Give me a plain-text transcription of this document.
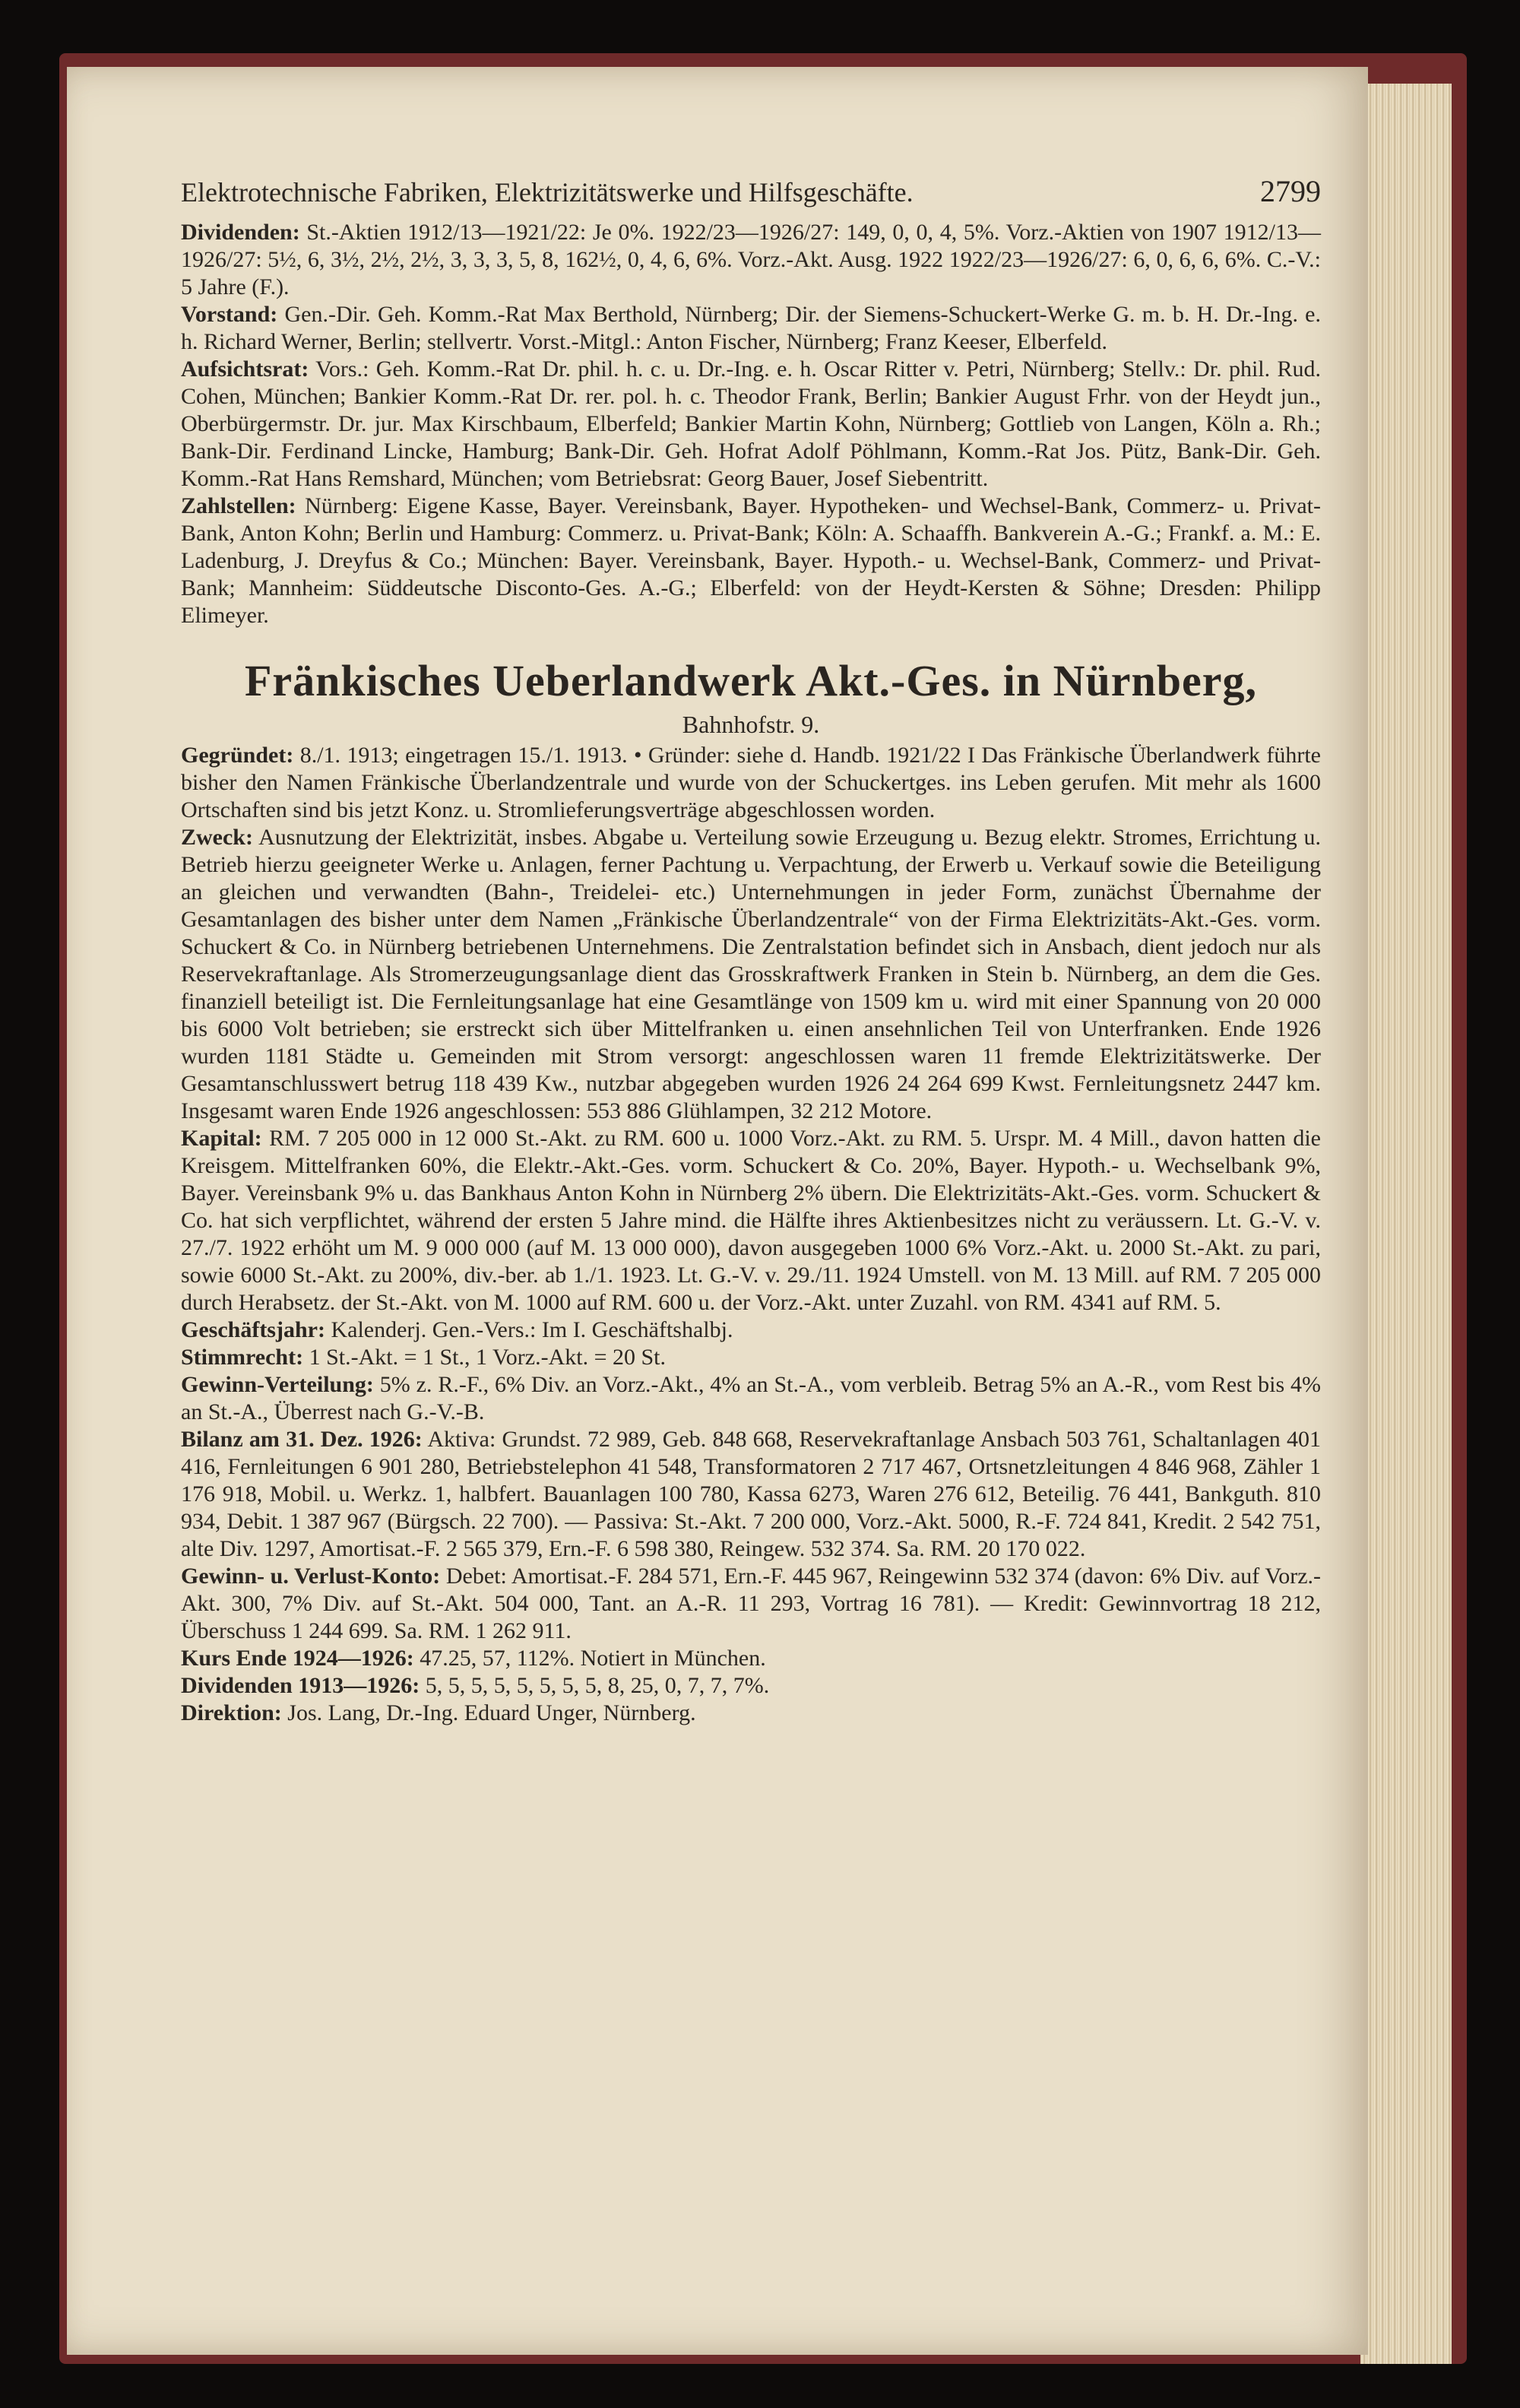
Elektrotechnische Fabriken, Elektrizitätswerke und Hilfsgeschäfte.	2799

Dividenden: St.-Aktien 1912/13—1921/22: Je 0%. 1922/23—1926/27: 149, 0, 0, 4, 5%. Vorz.-Aktien von 1907 1912/13—1926/27: 5½, 6, 3½, 2½, 2½, 3, 3, 3, 5, 8, 162½, 0, 4, 6, 6%. Vorz.-Akt. Ausg. 1922 1922/23—1926/27: 6, 0, 6, 6, 6%. C.-V.: 5 Jahre (F.).

Vorstand: Gen.-Dir. Geh. Komm.-Rat Max Berthold, Nürnberg; Dir. der Siemens-Schuckert-Werke G. m. b. H. Dr.-Ing. e. h. Richard Werner, Berlin; stellvertr. Vorst.-Mitgl.: Anton Fischer, Nürnberg; Franz Keeser, Elberfeld.

Aufsichtsrat: Vors.: Geh. Komm.-Rat Dr. phil. h. c. u. Dr.-Ing. e. h. Oscar Ritter v. Petri, Nürnberg; Stellv.: Dr. phil. Rud. Cohen, München; Bankier Komm.-Rat Dr. rer. pol. h. c. Theodor Frank, Berlin; Bankier August Frhr. von der Heydt jun., Oberbürgermstr. Dr. jur. Max Kirschbaum, Elberfeld; Bankier Martin Kohn, Nürnberg; Gottlieb von Langen, Köln a. Rh.; Bank-Dir. Ferdinand Lincke, Hamburg; Bank-Dir. Geh. Hofrat Adolf Pöhlmann, Komm.-Rat Jos. Pütz, Bank-Dir. Geh. Komm.-Rat Hans Remshard, München; vom Betriebsrat: Georg Bauer, Josef Siebentritt.

Zahlstellen: Nürnberg: Eigene Kasse, Bayer. Vereinsbank, Bayer. Hypotheken- und Wechsel-Bank, Commerz- u. Privat-Bank, Anton Kohn; Berlin und Hamburg: Commerz. u. Privat-Bank; Köln: A. Schaaffh. Bankverein A.-G.; Frankf. a. M.: E. Ladenburg, J. Dreyfus & Co.; München: Bayer. Vereinsbank, Bayer. Hypoth.- u. Wechsel-Bank, Commerz- und Privat-Bank; Mannheim: Süddeutsche Disconto-Ges. A.-G.; Elberfeld: von der Heydt-Kersten & Söhne; Dresden: Philipp Elimeyer.

Fränkisches Ueberlandwerk Akt.-Ges. in Nürnberg,
Bahnhofstr. 9.

Gegründet: 8./1. 1913; eingetragen 15./1. 1913. • Gründer: siehe d. Handb. 1921/22 I Das Fränkische Überlandwerk führte bisher den Namen Fränkische Überlandzentrale und wurde von der Schuckertges. ins Leben gerufen. Mit mehr als 1600 Ortschaften sind bis jetzt Konz. u. Stromlieferungsverträge abgeschlossen worden.

Zweck: Ausnutzung der Elektrizität, insbes. Abgabe u. Verteilung sowie Erzeugung u. Bezug elektr. Stromes, Errichtung u. Betrieb hierzu geeigneter Werke u. Anlagen, ferner Pachtung u. Verpachtung, der Erwerb u. Verkauf sowie die Beteiligung an gleichen und verwandten (Bahn-, Treidelei- etc.) Unternehmungen in jeder Form, zunächst Übernahme der Gesamtanlagen des bisher unter dem Namen „Fränkische Überlandzentrale“ von der Firma Elektrizitäts-Akt.-Ges. vorm. Schuckert & Co. in Nürnberg betriebenen Unternehmens. Die Zentralstation befindet sich in Ansbach, dient jedoch nur als Reservekraftanlage. Als Stromerzeugungsanlage dient das Grosskraftwerk Franken in Stein b. Nürnberg, an dem die Ges. finanziell beteiligt ist. Die Fernleitungsanlage hat eine Gesamtlänge von 1509 km u. wird mit einer Spannung von 20 000 bis 6000 Volt betrieben; sie erstreckt sich über Mittelfranken u. einen ansehnlichen Teil von Unterfranken. Ende 1926 wurden 1181 Städte u. Gemeinden mit Strom versorgt: angeschlossen waren 11 fremde Elektrizitätswerke. Der Gesamtanschlusswert betrug 118 439 Kw., nutzbar abgegeben wurden 1926 24 264 699 Kwst. Fernleitungsnetz 2447 km. Insgesamt waren Ende 1926 angeschlossen: 553 886 Glühlampen, 32 212 Motore.

Kapital: RM. 7 205 000 in 12 000 St.-Akt. zu RM. 600 u. 1000 Vorz.-Akt. zu RM. 5. Urspr. M. 4 Mill., davon hatten die Kreisgem. Mittelfranken 60%, die Elektr.-Akt.-Ges. vorm. Schuckert & Co. 20%, Bayer. Hypoth.- u. Wechselbank 9%, Bayer. Vereinsbank 9% u. das Bankhaus Anton Kohn in Nürnberg 2% übern. Die Elektrizitäts-Akt.-Ges. vorm. Schuckert & Co. hat sich verpflichtet, während der ersten 5 Jahre mind. die Hälfte ihres Aktienbesitzes nicht zu veräussern. Lt. G.-V. v. 27./7. 1922 erhöht um M. 9 000 000 (auf M. 13 000 000), davon ausgegeben 1000 6% Vorz.-Akt. u. 2000 St.-Akt. zu pari, sowie 6000 St.-Akt. zu 200%, div.-ber. ab 1./1. 1923. Lt. G.-V. v. 29./11. 1924 Umstell. von M. 13 Mill. auf RM. 7 205 000 durch Herabsetz. der St.-Akt. von M. 1000 auf RM. 600 u. der Vorz.-Akt. unter Zuzahl. von RM. 4341 auf RM. 5.

Geschäftsjahr: Kalenderj. Gen.-Vers.: Im I. Geschäftshalbj.

Stimmrecht: 1 St.-Akt. = 1 St., 1 Vorz.-Akt. = 20 St.

Gewinn-Verteilung: 5% z. R.-F., 6% Div. an Vorz.-Akt., 4% an St.-A., vom verbleib. Betrag 5% an A.-R., vom Rest bis 4% an St.-A., Überrest nach G.-V.-B.

Bilanz am 31. Dez. 1926: Aktiva: Grundst. 72 989, Geb. 848 668, Reservekraftanlage Ansbach 503 761, Schaltanlagen 401 416, Fernleitungen 6 901 280, Betriebstelephon 41 548, Transformatoren 2 717 467, Ortsnetzleitungen 4 846 968, Zähler 1 176 918, Mobil. u. Werkz. 1, halbfert. Bauanlagen 100 780, Kassa 6273, Waren 276 612, Beteilig. 76 441, Bankguth. 810 934, Debit. 1 387 967 (Bürgsch. 22 700). — Passiva: St.-Akt. 7 200 000, Vorz.-Akt. 5000, R.-F. 724 841, Kredit. 2 542 751, alte Div. 1297, Amortisat.-F. 2 565 379, Ern.-F. 6 598 380, Reingew. 532 374. Sa. RM. 20 170 022.

Gewinn- u. Verlust-Konto: Debet: Amortisat.-F. 284 571, Ern.-F. 445 967, Reingewinn 532 374 (davon: 6% Div. auf Vorz.-Akt. 300, 7% Div. auf St.-Akt. 504 000, Tant. an A.-R. 11 293, Vortrag 16 781). — Kredit: Gewinnvortrag 18 212, Überschuss 1 244 699. Sa. RM. 1 262 911.

Kurs Ende 1924—1926: 47.25, 57, 112%. Notiert in München.

Dividenden 1913—1926: 5, 5, 5, 5, 5, 5, 5, 5, 8, 25, 0, 7, 7, 7%.

Direktion: Jos. Lang, Dr.-Ing. Eduard Unger, Nürnberg.
